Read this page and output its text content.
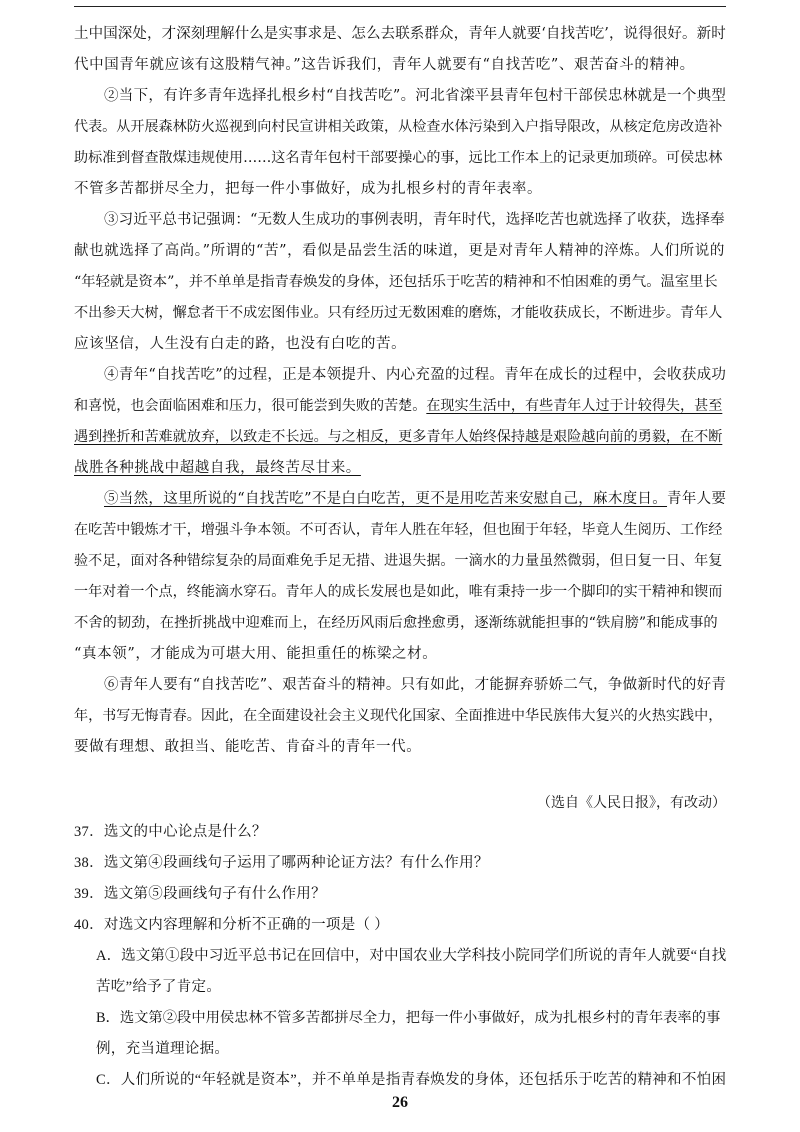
土中国深处，才深刻理解什么是实事求是、怎么去联系群众，青年人就要‘自找苦吃’，说得很好。新时
代中国青年就应该有这股精气神。”这告诉我们，青年人就要有“自找苦吃”、艰苦奋斗的精神。
②当下，有许多青年选择扎根乡村“自找苦吃”。河北省滦平县青年包村干部侯忠林就是一个典型
代表。从开展森林防火巡视到向村民宣讲相关政策，从检查水体污染到入户指导限改，从核定危房改造补
助标准到督查散煤违规使用……这名青年包村干部要操心的事，远比工作本上的记录更加琐碎。可侯忠林
不管多苦都拼尽全力，把每一件小事做好，成为扎根乡村的青年表率。
③习近平总书记强调：“无数人生成功的事例表明，青年时代，选择吃苦也就选择了收获，选择奉
献也就选择了高尚。”所谓的“苦”，看似是品尝生活的味道，更是对青年人精神的淬炼。人们所说的
“年轻就是资本”，并不单单是指青春焕发的身体，还包括乐于吃苦的精神和不怕困难的勇气。温室里长
不出参天大树，懈怠者干不成宏图伟业。只有经历过无数困难的磨炼，才能收获成长，不断进步。青年人
应该坚信，人生没有白走的路，也没有白吃的苦。
④青年“自找苦吃”的过程，正是本领提升、内心充盈的过程。青年在成长的过程中，会收获成功
和喜悦，也会面临困难和压力，很可能尝到失败的苦楚。在现实生活中，有些青年人过于计较得失，甚至
遇到挫折和苦难就放弃，以致走不长远。与之相反，更多青年人始终保持越是艰险越向前的勇毅，在不断
战胜各种挑战中超越自我，最终苦尽甘来。
⑤当然，这里所说的“自找苦吃”不是白白吃苦，更不是用吃苦来安慰自己，麻木度日。青年人要
在吃苦中锻炼才干，增强斗争本领。不可否认，青年人胜在年轻，但也囿于年轻，毕竟人生阅历、工作经
验不足，面对各种错综复杂的局面难免手足无措、进退失据。一滴水的力量虽然微弱，但日复一日、年复
一年对着一个点，终能滴水穿石。青年人的成长发展也是如此，唯有秉持一步一个脚印的实干精神和锲而
不舍的韧劲，在挫折挑战中迎难而上，在经历风雨后愈挫愈勇，逐渐练就能担事的“铁肩膀”和能成事的
“真本领”，才能成为可堪大用、能担重任的栋梁之材。
⑥青年人要有“自找苦吃”、艰苦奋斗的精神。只有如此，才能摒弃骄娇二气，争做新时代的好青
年，书写无悔青春。因此，在全面建设社会主义现代化国家、全面推进中华民族伟大复兴的火热实践中，
要做有理想、敢担当、能吃苦、肯奋斗的青年一代。
（选自《人民日报》，有改动）
37．选文的中心论点是什么？
38．选文第④段画线句子运用了哪两种论证方法？有什么作用？
39．选文第⑤段画线句子有什么作用？
40．对选文内容理解和分析· · · 不正确的一项是（ ）
A．选文第①段中习近平总书记在回信中，对中国农业大学科技小院同学们所说的青年人就要“自找
苦吃”给予了肯定。
B．选文第②段中用侯忠林不管多苦都拼尽全力，把每一件小事做好，成为扎根乡村的青年表率的事
例，充当道理论据。
C．人们所说的“年轻就是资本”，并不单单是指青春焕发的身体，还包括乐于吃苦的精神和不怕困
26
